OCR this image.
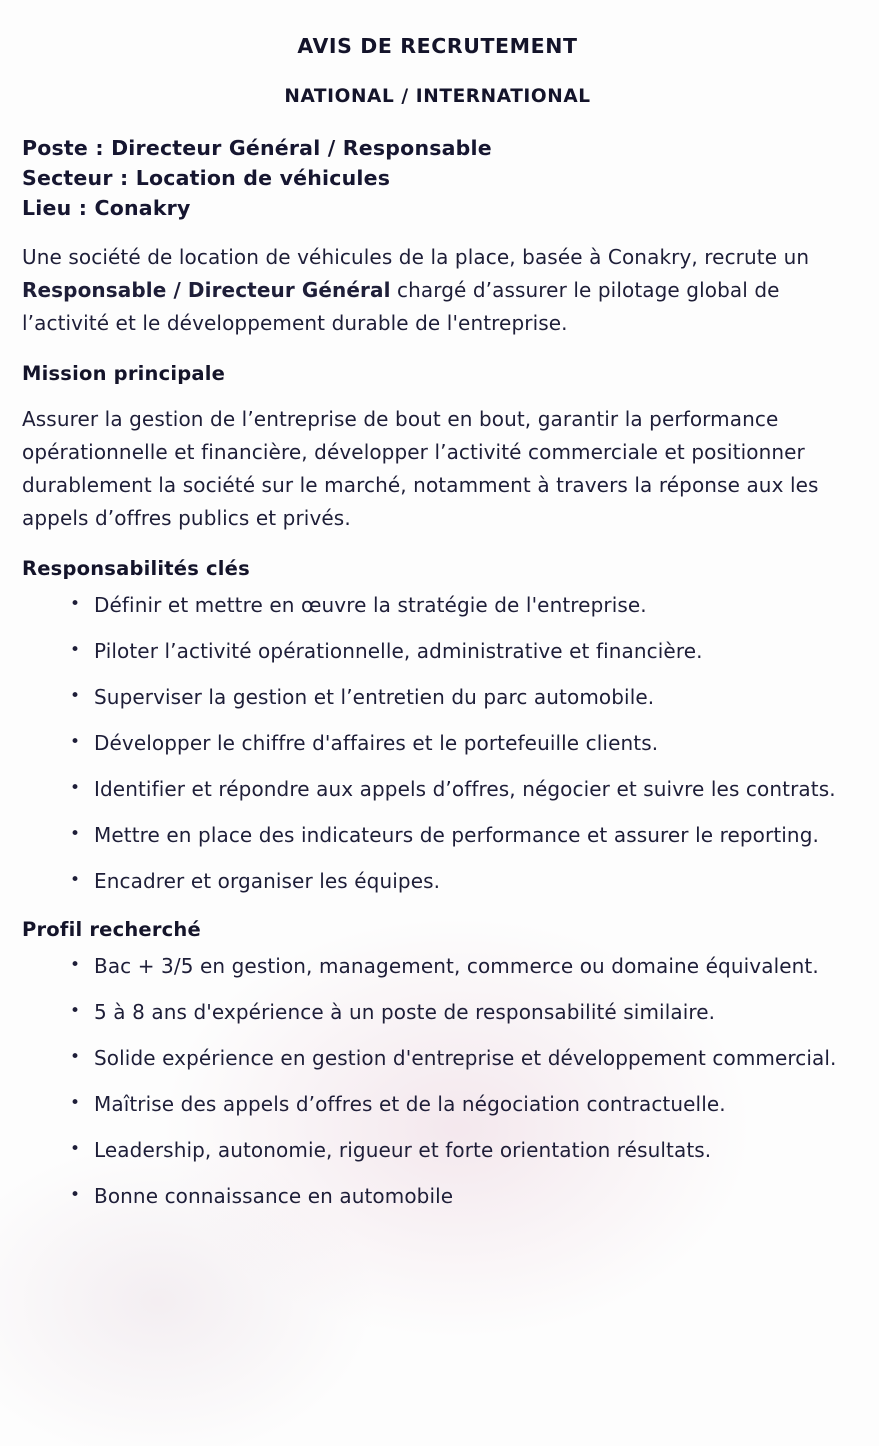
AVIS DE RECRUTEMENT
NATIONAL / INTERNATIONAL
Poste : Directeur Général / Responsable
Secteur : Location de véhicules
Lieu : Conakry

Une société de location de véhicules de la place, basée à Conakry, recrute un Responsable / Directeur Général chargé d’assurer le pilotage global de l’activité et le développement durable de l'entreprise.

Mission principale

Assurer la gestion de l’entreprise de bout en bout, garantir la performance opérationnelle et financière, développer l’activité commerciale et positionner durablement la société sur le marché, notamment à travers la réponse aux les appels d’offres publics et privés.

Responsabilités clés
• Définir et mettre en œuvre la stratégie de l'entreprise.
• Piloter l’activité opérationnelle, administrative et financière.
• Superviser la gestion et l’entretien du parc automobile.
• Développer le chiffre d'affaires et le portefeuille clients.
• Identifier et répondre aux appels d’offres, négocier et suivre les contrats.
• Mettre en place des indicateurs de performance et assurer le reporting.
• Encadrer et organiser les équipes.
Profil recherché
• Bac + 3/5 en gestion, management, commerce ou domaine équivalent.
• 5 à 8 ans d'expérience à un poste de responsabilité similaire.
• Solide expérience en gestion d'entreprise et développement commercial.
• Maîtrise des appels d’offres et de la négociation contractuelle.
• Leadership, autonomie, rigueur et forte orientation résultats.
• Bonne connaissance en automobile
